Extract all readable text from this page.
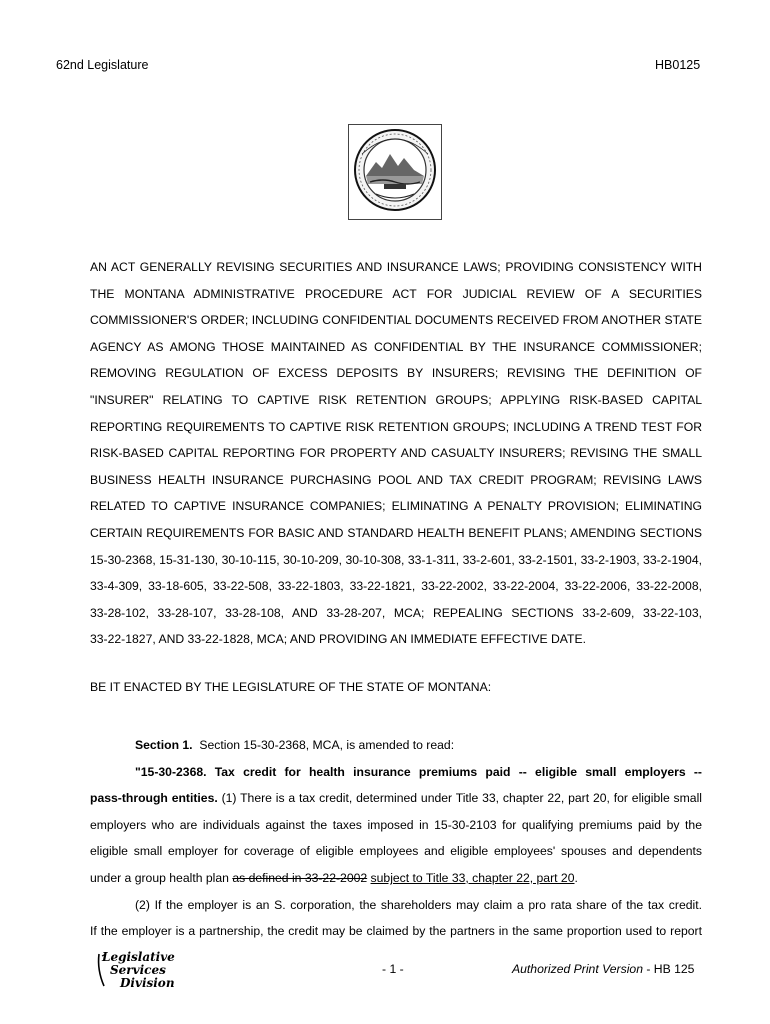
62nd Legislature	HB0125
AN ACT GENERALLY REVISING SECURITIES AND INSURANCE LAWS; PROVIDING CONSISTENCY WITH
THE MONTANA ADMINISTRATIVE PROCEDURE ACT FOR JUDICIAL REVIEW OF A SECURITIES
COMMISSIONER'S ORDER; INCLUDING CONFIDENTIAL DOCUMENTS RECEIVED FROM ANOTHER STATE
AGENCY AS AMONG THOSE MAINTAINED AS CONFIDENTIAL BY THE INSURANCE COMMISSIONER;
REMOVING REGULATION OF EXCESS DEPOSITS BY INSURERS; REVISING THE DEFINITION OF
"INSURER" RELATING TO CAPTIVE RISK RETENTION GROUPS; APPLYING RISK-BASED CAPITAL
REPORTING REQUIREMENTS TO CAPTIVE RISK RETENTION GROUPS; INCLUDING A TREND TEST FOR
RISK-BASED CAPITAL REPORTING FOR PROPERTY AND CASUALTY INSURERS; REVISING THE SMALL
BUSINESS HEALTH INSURANCE PURCHASING POOL AND TAX CREDIT PROGRAM; REVISING LAWS
RELATED TO CAPTIVE INSURANCE COMPANIES; ELIMINATING A PENALTY PROVISION; ELIMINATING
CERTAIN REQUIREMENTS FOR BASIC AND STANDARD HEALTH BENEFIT PLANS; AMENDING SECTIONS
15-30-2368, 15-31-130, 30-10-115, 30-10-209, 30-10-308, 33-1-311, 33-2-601, 33-2-1501, 33-2-1903, 33-2-1904,
33-4-309, 33-18-605, 33-22-508, 33-22-1803, 33-22-1821, 33-22-2002, 33-22-2004, 33-22-2006, 33-22-2008,
33-28-102, 33-28-107, 33-28-108, AND 33-28-207, MCA; REPEALING SECTIONS 33-2-609, 33-22-103,
33-22-1827, AND 33-22-1828, MCA; AND PROVIDING AN IMMEDIATE EFFECTIVE DATE.
BE IT ENACTED BY THE LEGISLATURE OF THE STATE OF MONTANA:
Section 1. Section 15-30-2368, MCA, is amended to read:
"15-30-2368. Tax credit for health insurance premiums paid -- eligible small employers --
pass-through entities. (1) There is a tax credit, determined under Title 33, chapter 22, part 20, for eligible small
employers who are individuals against the taxes imposed in 15-30-2103 for qualifying premiums paid by the
eligible small employer for coverage of eligible employees and eligible employees' spouses and dependents
under a group health plan as defined in 33-22-2002 subject to Title 33, chapter 22, part 20.
(2) If the employer is an S. corporation, the shareholders may claim a pro rata share of the tax credit.
If the employer is a partnership, the credit may be claimed by the partners in the same proportion used to report
Legislative
Services
Division
- 1 -	Authorized Print Version - HB 125
